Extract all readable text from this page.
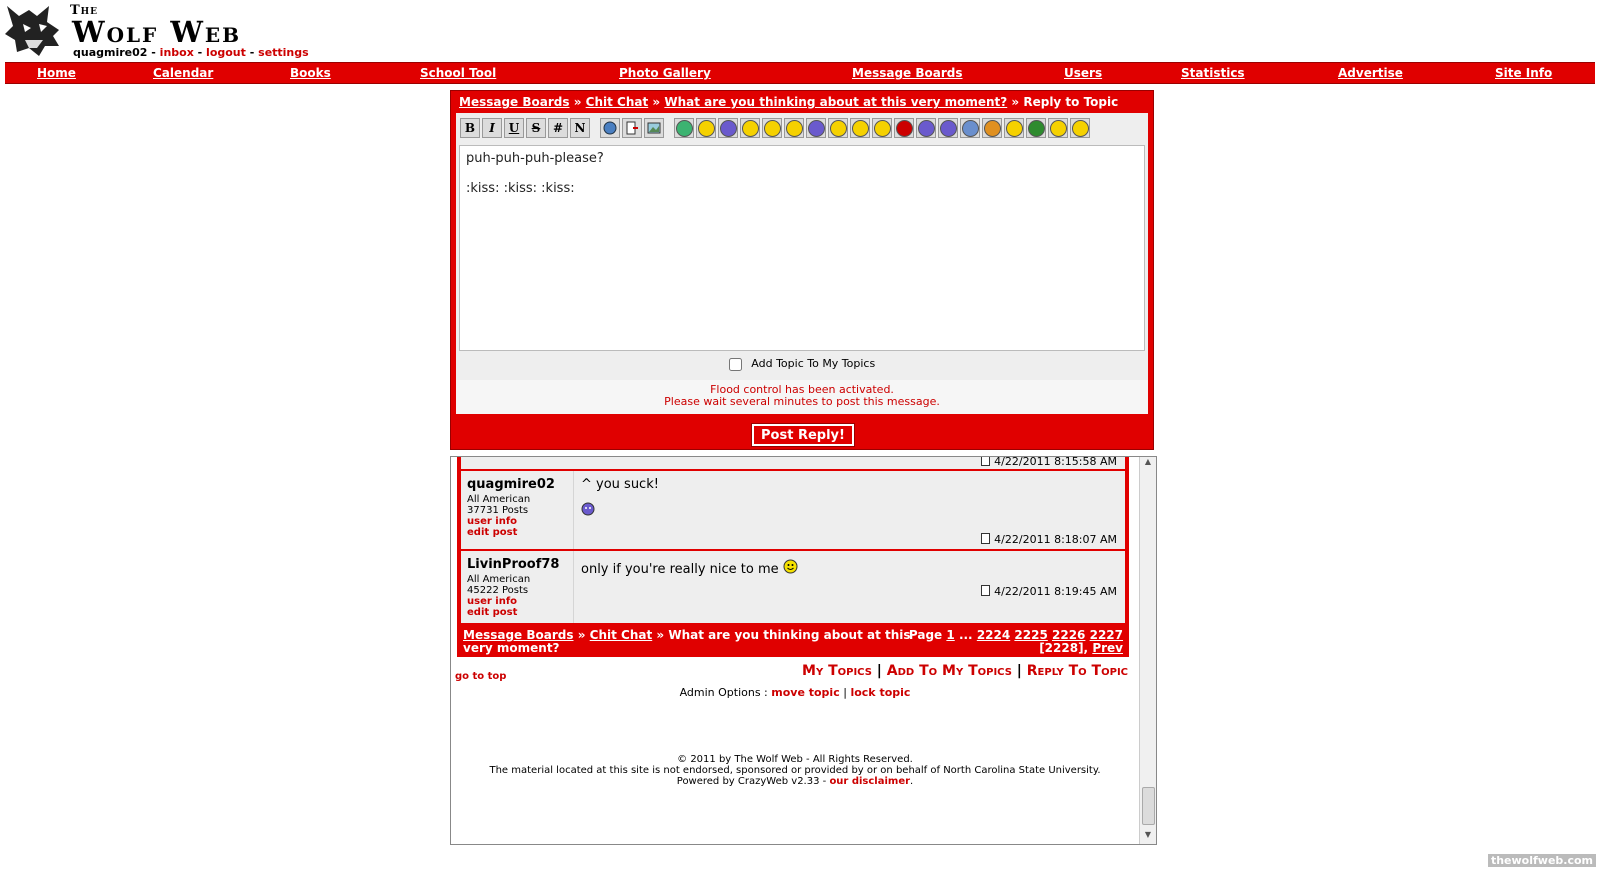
The
Wolf Web
quagmire02 - inbox - logout - settings
Home	Calendar	Books	School Tool	Photo Gallery	Message Boards	Users	Statistics	Advertise	Site Info
Message Boards » Chit Chat » What are you thinking about at this very moment? » Reply to Topic
B	I	U	S	# N
puh-puh-puh-please?

:kiss: :kiss: :kiss:
Add Topic To My Topics
Flood control has been activated.
Please wait several minutes to post this message.
Post Reply!
4/22/2011 8:15:58 AM
quagmire02
All American
37731 Posts
user info
edit post
^ you suck!
4/22/2011 8:18:07 AM
LivinProof78
All American
45222 Posts
user info
edit post
only if you're really nice to me
4/22/2011 8:19:45 AM
Message Boards » Chit Chat » What are you thinking about at this very moment?
Page 1 ... 2224 2225 2226 2227
[2228], Prev
go to top	My Topics | Add To My Topics | Reply To Topic
Admin Options : move topic | lock topic
© 2011 by The Wolf Web - All Rights Reserved.
The material located at this site is not endorsed, sponsored or provided by or on behalf of North Carolina State University.
Powered by CrazyWeb v2.33 - our disclaimer.
▲
▼
thewolfweb.com
